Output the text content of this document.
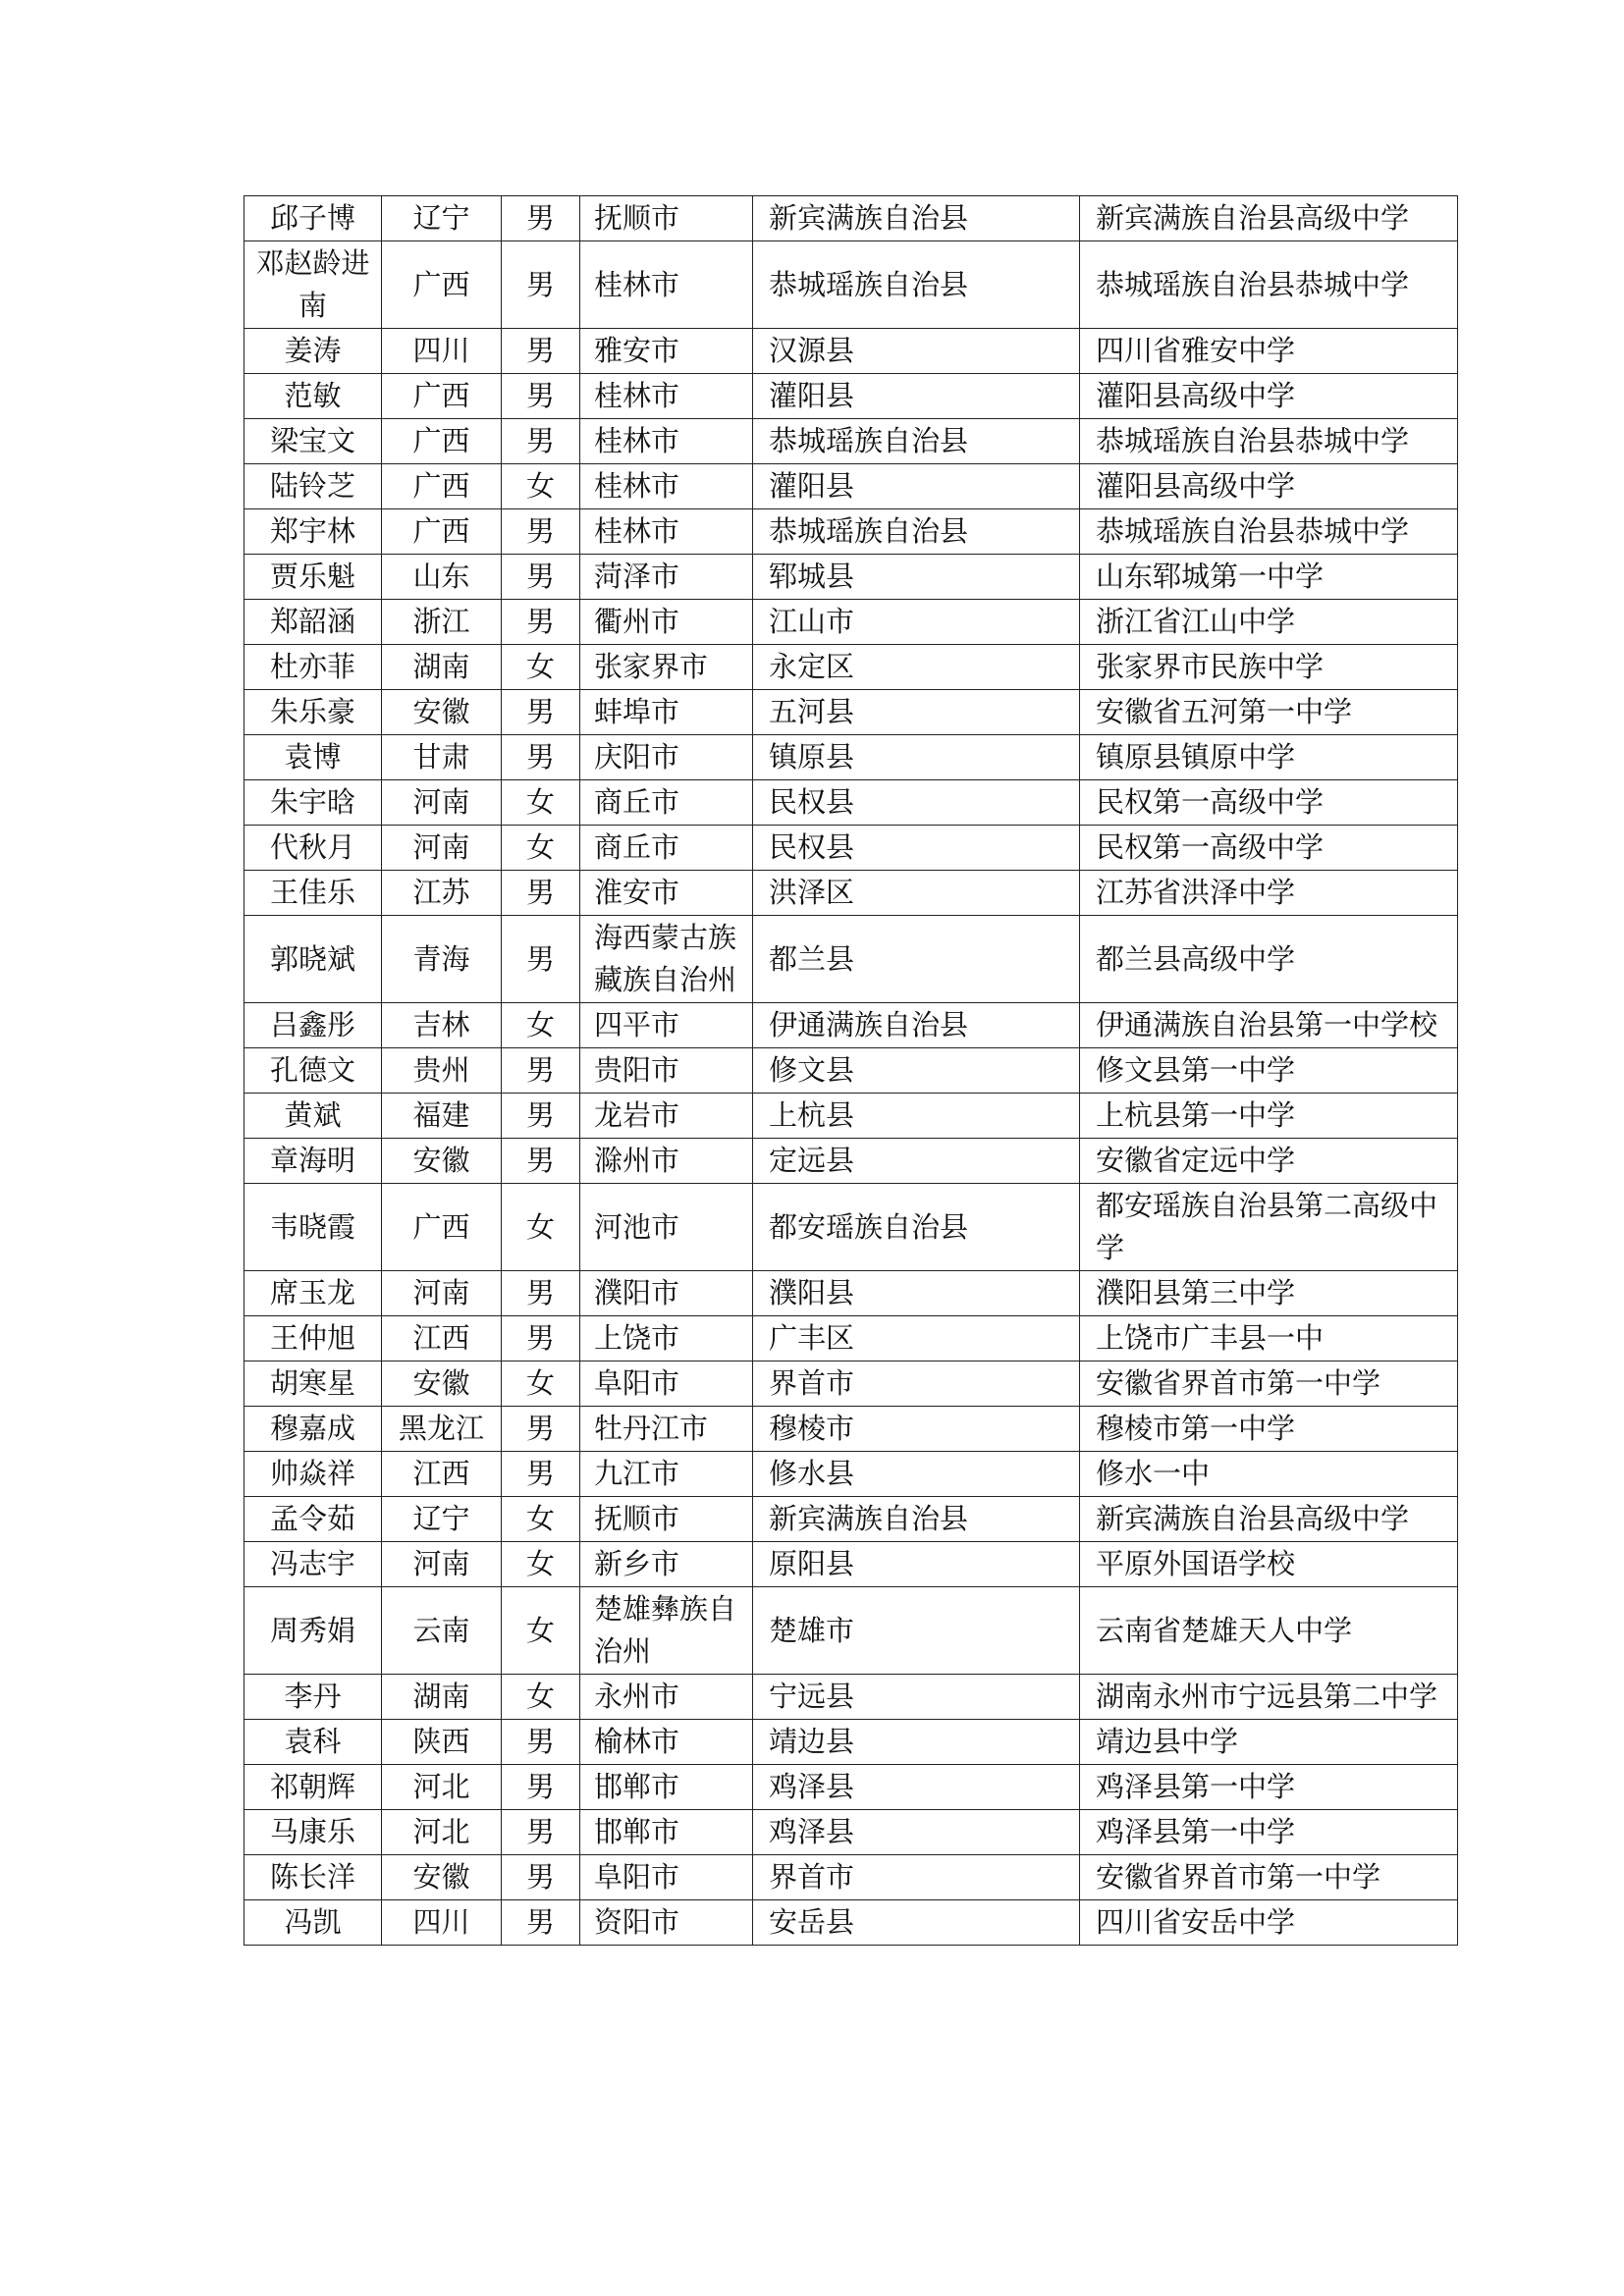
邱子博	辽宁	男	抚顺市	新宾满族自治县	新宾满族自治县高级中学
邓赵龄进南	广西	男	桂林市	恭城瑶族自治县	恭城瑶族自治县恭城中学
姜涛	四川	男	雅安市	汉源县	四川省雅安中学
范敏	广西	男	桂林市	灌阳县	灌阳县高级中学
梁宝文	广西	男	桂林市	恭城瑶族自治县	恭城瑶族自治县恭城中学
陆铃芝	广西	女	桂林市	灌阳县	灌阳县高级中学
郑宇林	广西	男	桂林市	恭城瑶族自治县	恭城瑶族自治县恭城中学
贾乐魁	山东	男	菏泽市	郓城县	山东郓城第一中学
郑韶涵	浙江	男	衢州市	江山市	浙江省江山中学
杜亦菲	湖南	女	张家界市	永定区	张家界市民族中学
朱乐豪	安徽	男	蚌埠市	五河县	安徽省五河第一中学
袁博	甘肃	男	庆阳市	镇原县	镇原县镇原中学
朱宇晗	河南	女	商丘市	民权县	民权第一高级中学
代秋月	河南	女	商丘市	民权县	民权第一高级中学
王佳乐	江苏	男	淮安市	洪泽区	江苏省洪泽中学
郭晓斌	青海	男	海西蒙古族藏族自治州	都兰县	都兰县高级中学
吕鑫彤	吉林	女	四平市	伊通满族自治县	伊通满族自治县第一中学校
孔德文	贵州	男	贵阳市	修文县	修文县第一中学
黄斌	福建	男	龙岩市	上杭县	上杭县第一中学
章海明	安徽	男	滁州市	定远县	安徽省定远中学
韦晓霞	广西	女	河池市	都安瑶族自治县	都安瑶族自治县第二高级中学
席玉龙	河南	男	濮阳市	濮阳县	濮阳县第三中学
王仲旭	江西	男	上饶市	广丰区	上饶市广丰县一中
胡寒星	安徽	女	阜阳市	界首市	安徽省界首市第一中学
穆嘉成	黑龙江	男	牡丹江市	穆棱市	穆棱市第一中学
帅焱祥	江西	男	九江市	修水县	修水一中
孟令茹	辽宁	女	抚顺市	新宾满族自治县	新宾满族自治县高级中学
冯志宇	河南	女	新乡市	原阳县	平原外国语学校
周秀娟	云南	女	楚雄彝族自治州	楚雄市	云南省楚雄天人中学
李丹	湖南	女	永州市	宁远县	湖南永州市宁远县第二中学
袁科	陕西	男	榆林市	靖边县	靖边县中学
祁朝辉	河北	男	邯郸市	鸡泽县	鸡泽县第一中学
马康乐	河北	男	邯郸市	鸡泽县	鸡泽县第一中学
陈长洋	安徽	男	阜阳市	界首市	安徽省界首市第一中学
冯凯	四川	男	资阳市	安岳县	四川省安岳中学
